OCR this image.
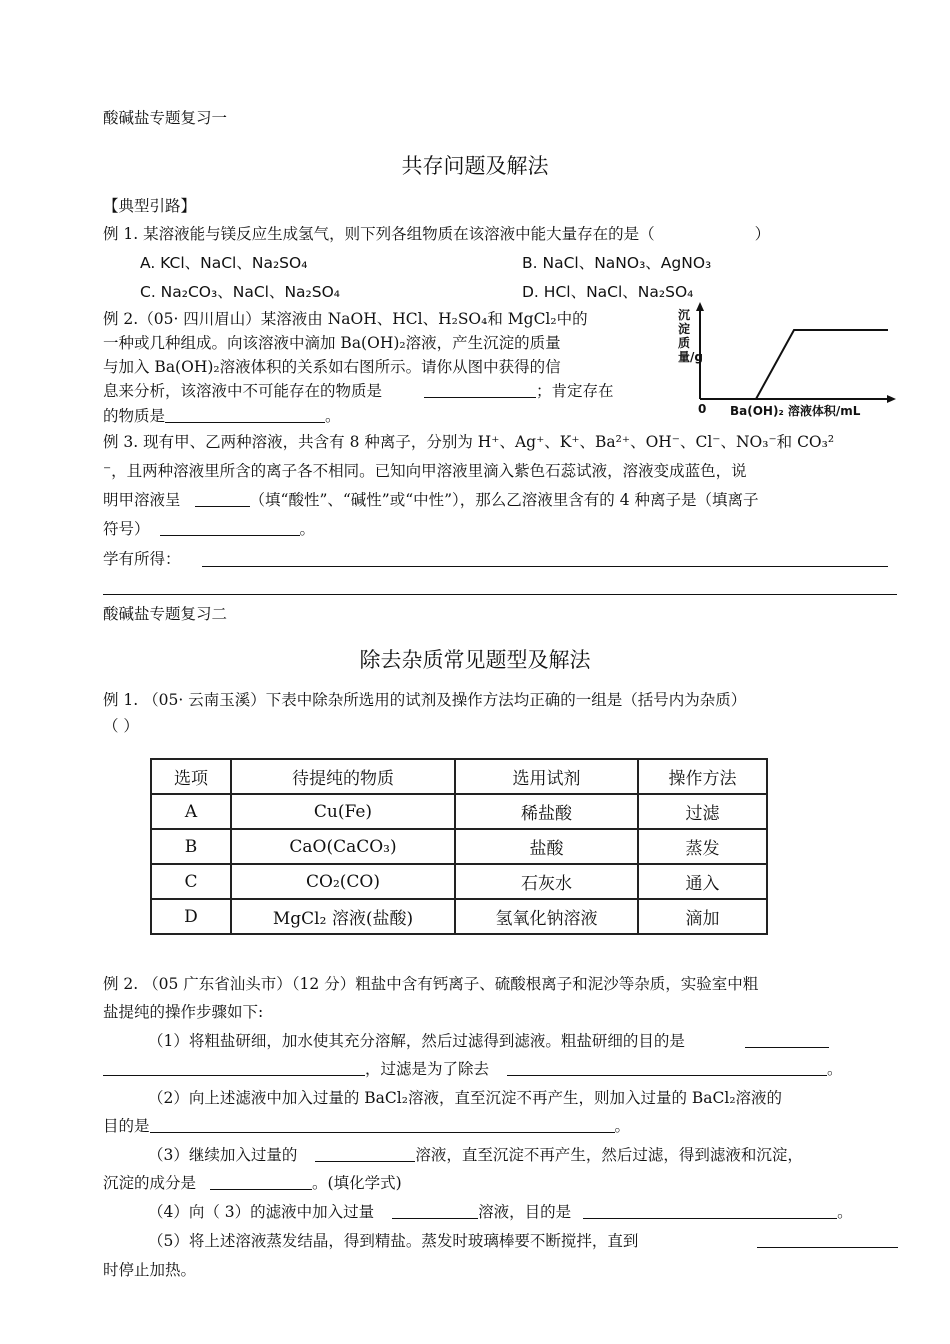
酸碱盐专题复习一
共存问题及解法
【典型引路】
例 1. 某溶液能与镁反应生成氢气，则下列各组物质在该溶液中能大量存在的是（	）
A. KCl、NaCl、Na₂SO₄	B. NaCl、NaNO₃、AgNO₃
C. Na₂CO₃、NaCl、Na₂SO₄	D. HCl、NaCl、Na₂SO₄
例 2.（05· 四川眉山）某溶液由 NaOH、HCl、H₂SO₄和 MgCl₂中的
一种或几种组成。向该溶液中滴加 Ba(OH)₂溶液，产生沉淀的质量
与加入 Ba(OH)₂溶液体积的关系如右图所示。请你从图中获得的信
息来分析，该溶液中不可能存在的物质是	；肯定存在
的物质是	。
沉淀质量/g
0 Ba(OH)₂ 溶液体积/mL
例 3. 现有甲、乙两种溶液，共含有 8 种离子，分别为 H⁺、Ag⁺、K⁺、Ba²⁺、OH⁻、Cl⁻、NO₃⁻和 CO₃²
⁻，且两种溶液里所含的离子各不相同。已知向甲溶液里滴入紫色石蕊试液，溶液变成蓝色，说
明甲溶液呈	（填“酸性”、“碱性”或“中性”），那么乙溶液里含有的 4 种离子是（填离子
符号）	。
学有所得：
酸碱盐专题复习二
除去杂质常见题型及解法
例 1. （05· 云南玉溪）下表中除杂所选用的试剂及操作方法均正确的一组是（括号内为杂质）
（ ）
选项	待提纯的物质	选用试剂	操作方法
A	Cu(Fe)	稀盐酸	过滤
B	CaO(CaCO₃)	盐酸	蒸发
C	CO₂(CO)	石灰水	通入
D	MgCl₂ 溶液(盐酸)	氢氧化钠溶液	滴加
例 2. （05 广东省汕头市）（12 分）粗盐中含有钙离子、硫酸根离子和泥沙等杂质，实验室中粗
盐提纯的操作步骤如下:
（1）将粗盐研细，加水使其充分溶解，然后过滤得到滤液。粗盐研细的目的是
，过滤是为了除去	。
（2）向上述滤液中加入过量的 BaCl₂溶液，直至沉淀不再产生，则加入过量的 BaCl₂溶液的
目的是	。
（3）继续加入过量的	溶液，直至沉淀不再产生，然后过滤，得到滤液和沉淀，
沉淀的成分是	。(填化学式)
（4）向（ 3）的滤液中加入过量	溶液，目的是	。
（5）将上述溶液蒸发结晶，得到精盐。蒸发时玻璃棒要不断搅拌，直到
时停止加热。
